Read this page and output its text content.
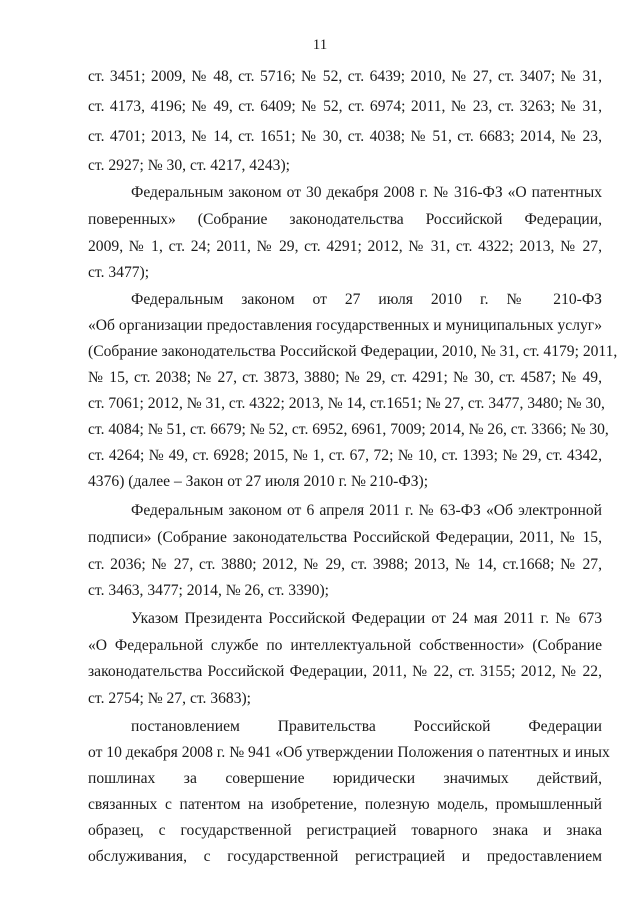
11
ст. 3451; 2009, № 48, ст. 5716; № 52, ст. 6439; 2010, № 27, ст. 3407; № 31,
ст. 4173, 4196; № 49, ст. 6409; № 52, ст. 6974; 2011, № 23, ст. 3263; № 31,
ст. 4701; 2013, № 14, ст. 1651; № 30, ст. 4038; № 51, ст. 6683; 2014, № 23,
ст. 2927; № 30, ст. 4217, 4243);
Федеральным законом от 30 декабря 2008 г. № 316-ФЗ «О патентных
поверенных» (Собрание законодательства Российской Федерации,
2009, № 1, ст. 24; 2011, № 29, ст. 4291; 2012, № 31, ст. 4322; 2013, № 27,
ст. 3477);
Федеральным законом от 27 июля 2010 г. № 210-ФЗ
«Об организации предоставления государственных и муниципальных услуг»
(Собрание законодательства Российской Федерации, 2010, № 31, ст. 4179; 2011,
№ 15, ст. 2038; № 27, ст. 3873, 3880; № 29, ст. 4291; № 30, ст. 4587; № 49,
ст. 7061; 2012, № 31, ст. 4322; 2013, № 14, ст.1651; № 27, ст. 3477, 3480; № 30,
ст. 4084; № 51, ст. 6679; № 52, ст. 6952, 6961, 7009; 2014, № 26, ст. 3366; № 30,
ст. 4264; № 49, ст. 6928; 2015, № 1, ст. 67, 72; № 10, ст. 1393; № 29, ст. 4342,
4376) (далее – Закон от 27 июля 2010 г. № 210-ФЗ);
Федеральным законом от 6 апреля 2011 г. № 63-ФЗ «Об электронной
подписи» (Собрание законодательства Российской Федерации, 2011, № 15,
ст. 2036; № 27, ст. 3880; 2012, № 29, ст. 3988; 2013, № 14, ст.1668; № 27,
ст. 3463, 3477; 2014, № 26, ст. 3390);
Указом Президента Российской Федерации от 24 мая 2011 г. № 673
«О Федеральной службе по интеллектуальной собственности» (Собрание
законодательства Российской Федерации, 2011, № 22, ст. 3155; 2012, № 22,
ст. 2754; № 27, ст. 3683);
постановлением Правительства Российской Федерации
от 10 декабря 2008 г. № 941 «Об утверждении Положения о патентных и иных
пошлинах за совершение юридически значимых действий,
связанных с патентом на изобретение, полезную модель, промышленный
образец, с государственной регистрацией товарного знака и знака
обслуживания, с государственной регистрацией и предоставлением
